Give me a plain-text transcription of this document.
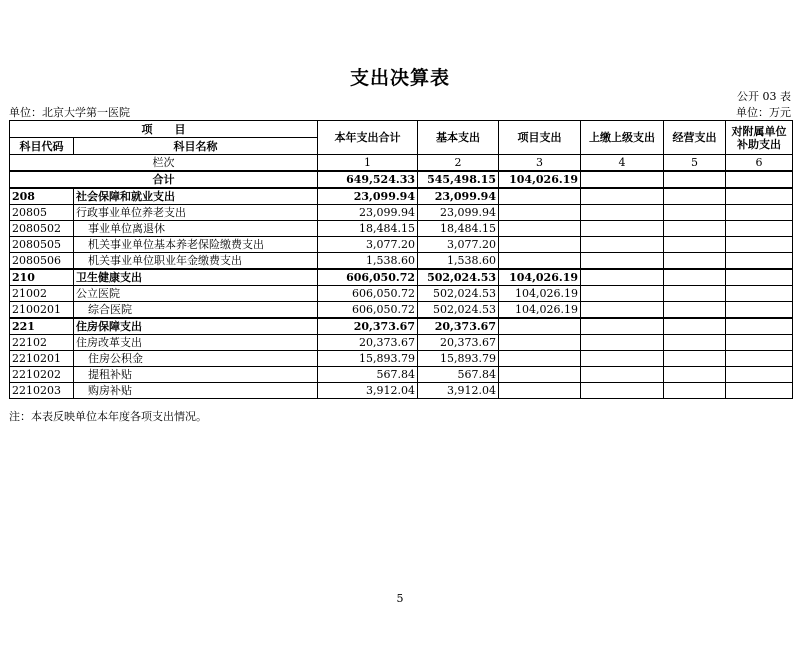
支出决算表
公开 03 表
单位：北京大学第一医院	单位：万元
项　　目		本年支出合计	基本支出	项目支出	上缴上级支出	经营支出	对附属单位补助支出
科目代码	科目名称						
栏次		1	2	3	4	5	6
合计		649,524.33	545,498.15	104,026.19			
208	社会保障和就业支出	23,099.94	23,099.94				
20805	行政事业单位养老支出	23,099.94	23,099.94				
2080502	事业单位离退休	18,484.15	18,484.15				
2080505	机关事业单位基本养老保险缴费支出	3,077.20	3,077.20				
2080506	机关事业单位职业年金缴费支出	1,538.60	1,538.60				
210	卫生健康支出	606,050.72	502,024.53	104,026.19			
21002	公立医院	606,050.72	502,024.53	104,026.19			
2100201	综合医院	606,050.72	502,024.53	104,026.19			
221	住房保障支出	20,373.67	20,373.67				
22102	住房改革支出	20,373.67	20,373.67				
2210201	住房公积金	15,893.79	15,893.79				
2210202	提租补贴	567.84	567.84				
2210203	购房补贴	3,912.04	3,912.04				
注：本表反映单位本年度各项支出情况。
5
